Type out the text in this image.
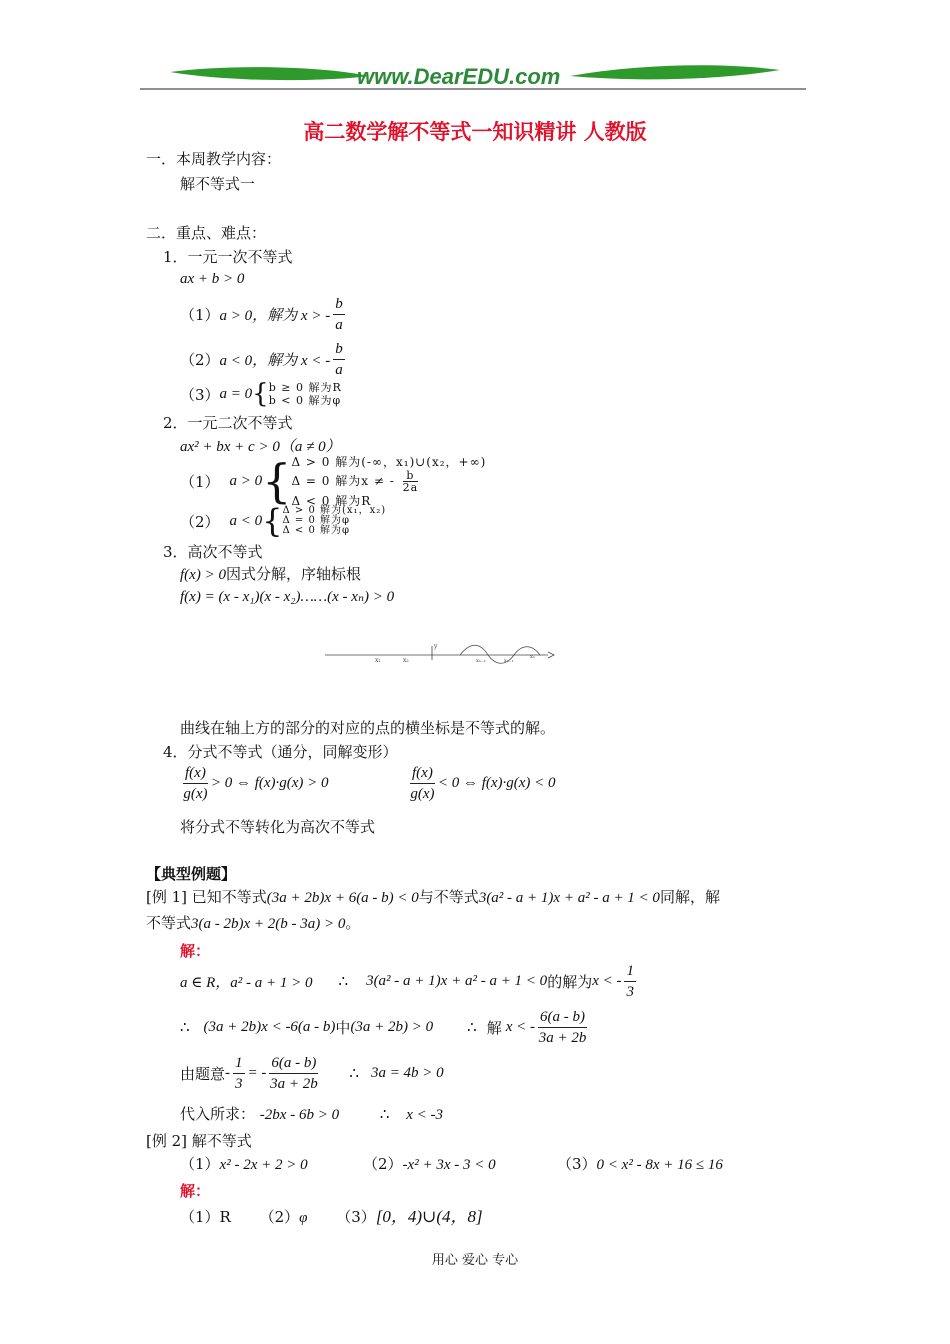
www.DearEDU.com
高二数学解不等式一知识精讲 人教版
一．本周教学内容：
解不等式一
二．重点、难点：
1．一元一次不等式
ax + b > 0
（1） a > 0，解为 x > - $\frac{b}{a}$
（2） a < 0，解为 x < - $\frac{b}{a}$
（3） a = 0 { b ≥ 0 解为R
b < 0 解为φ
2．一元二次不等式
ax² + bx + c > 0（a ≠ 0）
（1） a > 0 { Δ > 0 解为(-∞，x₁)∪(x₂，+∞)
Δ = 0 解为x ≠ - $\frac{b}{2a}$
Δ < 0 解为R
（2） a < 0 { Δ > 0 解为(x₁，x₂)
Δ = 0 解为φ
Δ < 0 解为φ
3．高次不等式
f(x) > 0因式分解，序轴标根
f(x) = (x - x₁)(x - x₂)……(x - xₙ) > 0
x₁	x₂
y
xₙ₋₂	xₙ₋₁
xₙ
曲线在轴上方的部分的对应的点的横坐标是不等式的解。
4．分式不等式（通分，同解变形）
$\frac{f(x)}{g(x)} > 0$ ⇔ f(x)·g(x) > 0	$\frac{f(x)}{g(x)} < 0$ ⇔ f(x)·g(x) < 0
将分式不等转化为高次不等式
【典型例题】
[例 1] 已知不等式(3a + 2b)x + 6(a - b) < 0与不等式3(a² - a + 1)x + a² - a + 1 < 0同解，解
不等式3(a - 2b)x + 2(b - 3a) > 0。
解：
a ∈ R，a² - a + 1 > 0 ∴ 3(a² - a + 1)x + a² - a + 1 < 0 的解为 x < - $\frac{1}{3}$
∴ (3a + 2b)x < -6(a - b) 中 (3a + 2b) > 0 ∴ 解 x < - $\frac{6(a - b)}{3a + 2b}$
由题意 - $\frac{1}{3}$ = - $\frac{6(a - b)}{3a + 2b}$ ∴ 3a = 4b > 0
代入所求： -2bx - 6b > 0	∴ x < -3
[例 2] 解不等式
（1）x² - 2x + 2 > 0	（2）-x² + 3x - 3 < 0	（3）0 < x² - 8x + 16 ≤ 16
解：
（1）R （2）φ （3）[0，4)∪(4，8]
用心 爱心 专心
